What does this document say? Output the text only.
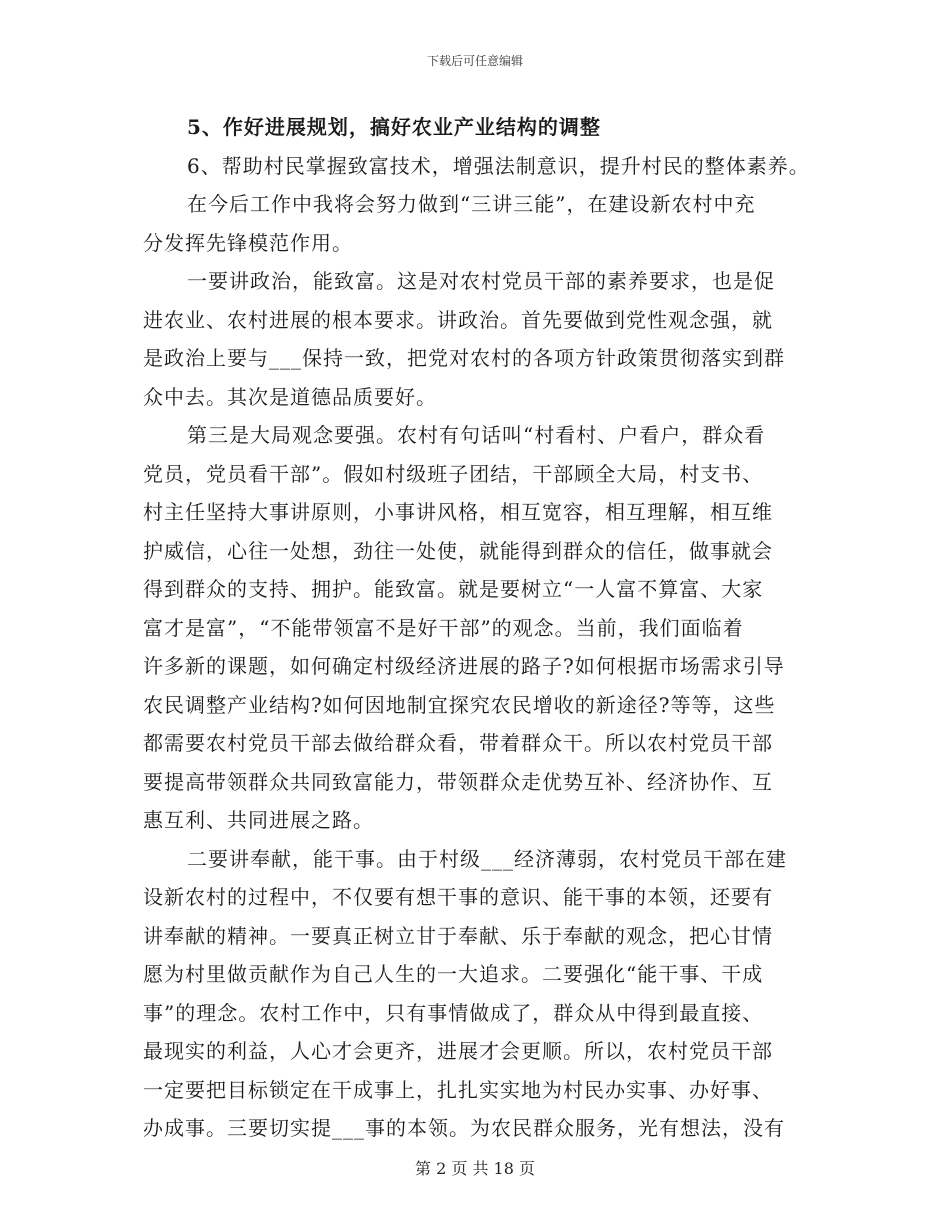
下载后可任意编辑
5、作好进展规划，搞好农业产业结构的调整
6、帮助村民掌握致富技术，增强法制意识，提升村民的整体素养。
在今后工作中我将会努力做到“三讲三能”，在建设新农村中充
分发挥先锋模范作用。
一要讲政治，能致富。这是对农村党员干部的素养要求，也是促
进农业、农村进展的根本要求。讲政治。首先要做到党性观念强，就
是政治上要与___保持一致，把党对农村的各项方针政策贯彻落实到群
众中去。其次是道德品质要好。
第三是大局观念要强。农村有句话叫“村看村、户看户，群众看
党员，党员看干部”。假如村级班子团结，干部顾全大局，村支书、
村主任坚持大事讲原则，小事讲风格，相互宽容，相互理解，相互维
护威信，心往一处想，劲往一处使，就能得到群众的信任，做事就会
得到群众的支持、拥护。能致富。就是要树立“一人富不算富、大家
富才是富”，“不能带领富不是好干部”的观念。当前，我们面临着
许多新的课题，如何确定村级经济进展的路子?如何根据市场需求引导
农民调整产业结构?如何因地制宜探究农民增收的新途径?等等，这些
都需要农村党员干部去做给群众看，带着群众干。所以农村党员干部
要提高带领群众共同致富能力，带领群众走优势互补、经济协作、互
惠互利、共同进展之路。
二要讲奉献，能干事。由于村级___经济薄弱，农村党员干部在建
设新农村的过程中，不仅要有想干事的意识、能干事的本领，还要有
讲奉献的精神。一要真正树立甘于奉献、乐于奉献的观念，把心甘情
愿为村里做贡献作为自己人生的一大追求。二要强化“能干事、干成
事”的理念。农村工作中，只有事情做成了，群众从中得到最直接、
最现实的利益，人心才会更齐，进展才会更顺。所以，农村党员干部
一定要把目标锁定在干成事上，扎扎实实地为村民办实事、办好事、
办成事。三要切实提___事的本领。为农民群众服务，光有想法，没有
第 2 页 共 18 页
